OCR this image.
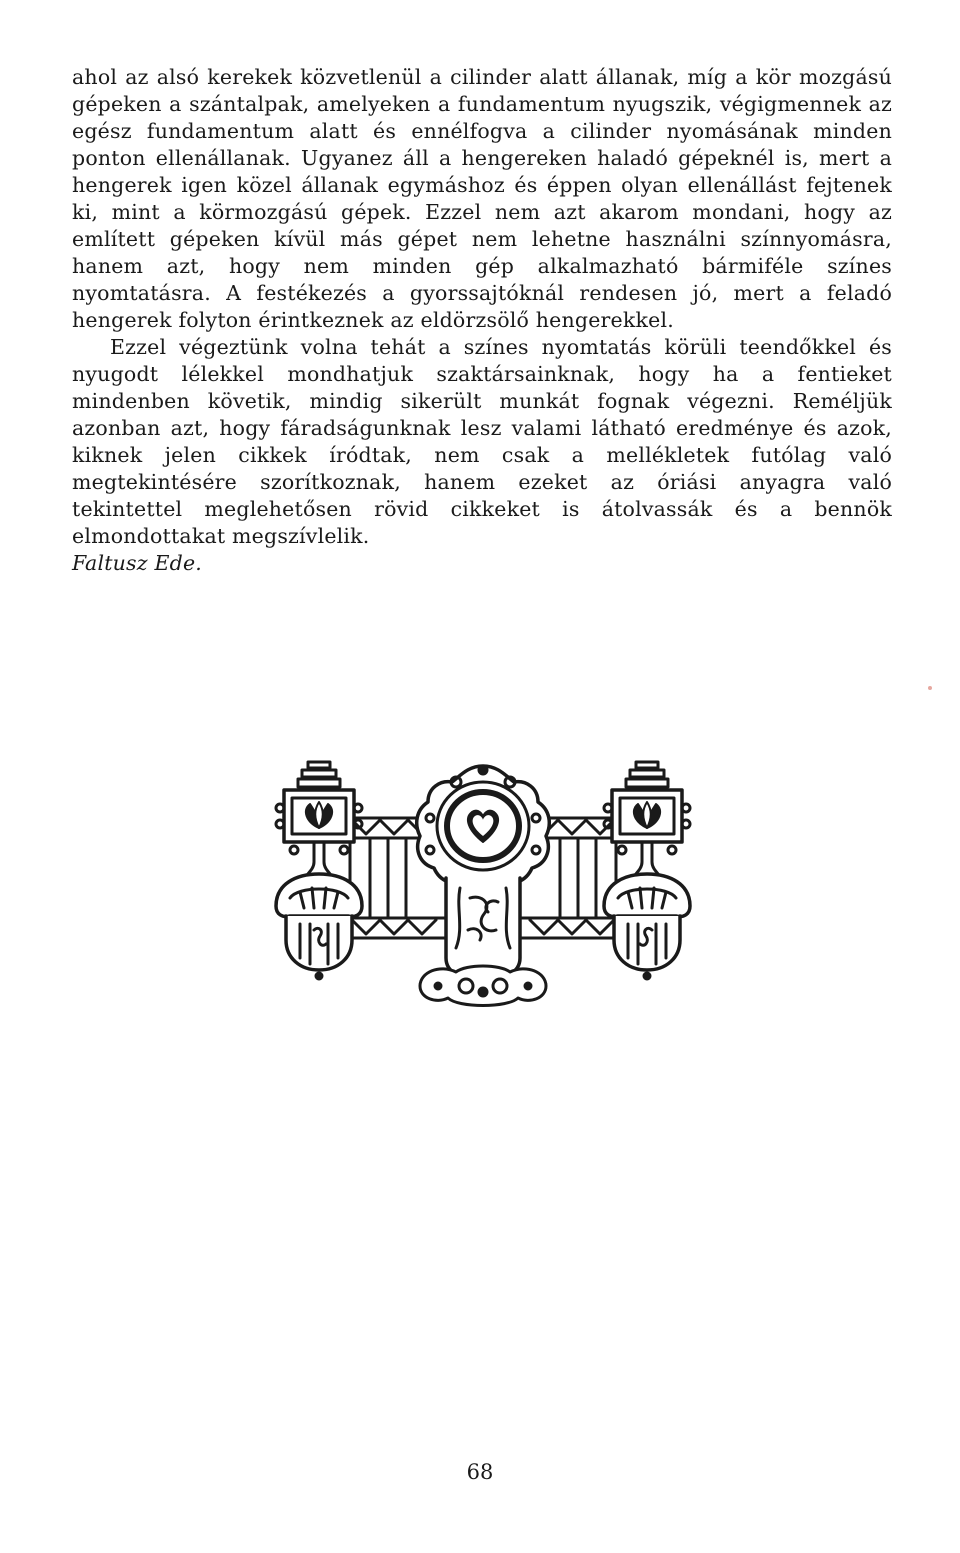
ahol az alsó kerekek közvetlenül a cilinder alatt állanak, míg a kör mozgású gépeken a szántalpak, amelyeken a fundamentum nyugszik, végigmennek az egész fundamentum alatt és ennélfogva a cilinder nyomásának minden ponton ellenállanak. Ugyanez áll a hengereken haladó gépeknél is, mert a hengerek igen közel állanak egymáshoz és éppen olyan ellenállást fejtenek ki, mint a körmozgású gépek. Ezzel nem azt akarom mondani, hogy az említett gépeken kívül más gépet nem lehetne használni színnyomásra, hanem azt, hogy nem minden gép alkalmazható bármiféle színes nyomtatásra. A festékezés a gyorssajtóknál rendesen jó, mert a feladó hengerek folyton érintkeznek az eldörzsölő hengerekkel.

Ezzel végeztünk volna tehát a színes nyomtatás körüli teendőkkel és nyugodt lélekkel mondhatjuk szaktársainknak, hogy ha a fentieket mindenben követik, mindig sikerült munkát fognak végezni. Reméljük azonban azt, hogy fáradságunknak lesz valami látható eredménye és azok, kiknek jelen cikkek íródtak, nem csak a mellékletek futólag való megtekintésére szorítkoznak, hanem ezeket az óriási anyagra való tekintettel meglehetősen rövid cikkeket is átolvassák és a bennök elmondottakat megszívlelik.

Faltusz Ede.

68
